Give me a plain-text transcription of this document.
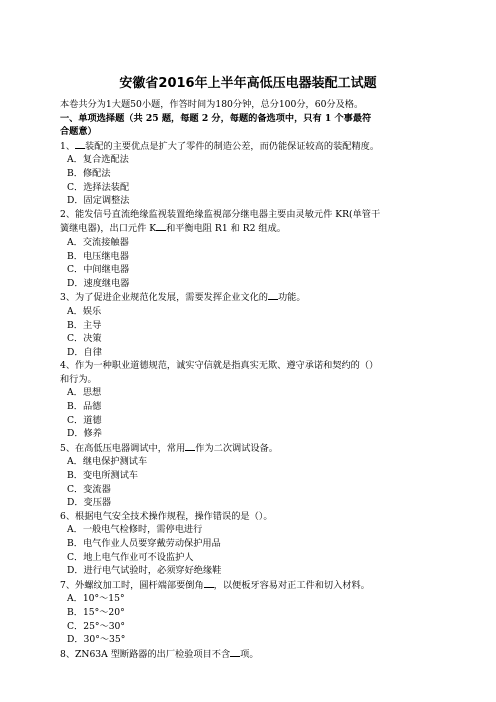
安徽省2016年上半年高低压电器装配工试题
本卷共分为1大题50小题，作答时间为180分钟，总分100分，60分及格。
一、单项选择题（共 25 题，每题 2 分，每题的备选项中，只有 1 个事最符
合题意）
1、 装配的主要优点是扩大了零件的制造公差，而仍能保证较高的装配精度。
A．复合选配法
B．修配法
C．选择法装配
D．固定调整法
2、能发信号直流绝缘监视装置绝缘监視部分继电器主要由灵敏元件 KR(单管干
簧继电器)，出口元件 K 和平衡电阻 R1 和 R2 组成。
A．交流接触器
B．电压继电器
C．中间继电器
D．速度继电器
3、为了促进企业规范化发展，需要发挥企业文化的 功能。
A．娱乐
B．主导
C．决策
D．自律
4、作为一种职业道德规范，诚实守信就是指真实无欺、遵守承诺和契约的（）
和行为。
A．思想
B．品德
C．道德
D．修养
5、在高低压电器调试中，常用 作为二次调试设备。
A．继电保护测试车
B．变电所测试车
C．变流器
D．变压器
6、根据电气安全技术操作规程，操作错误的是（）。
A．一般电气检修时，需停电进行
B．电气作业人员要穿戴劳动保护用品
C．地上电气作业可不设监护人
D．进行电气试验时，必须穿好绝缘鞋
7、外螺纹加工时，圆杆端部要倒角 ，以便板牙容易对正工件和切入材料。
A．10°～15°
B．15°～20°
C．25°～30°
D．30°～35°
8、ZN63A 型断路器的出厂检验项目不含 项。
